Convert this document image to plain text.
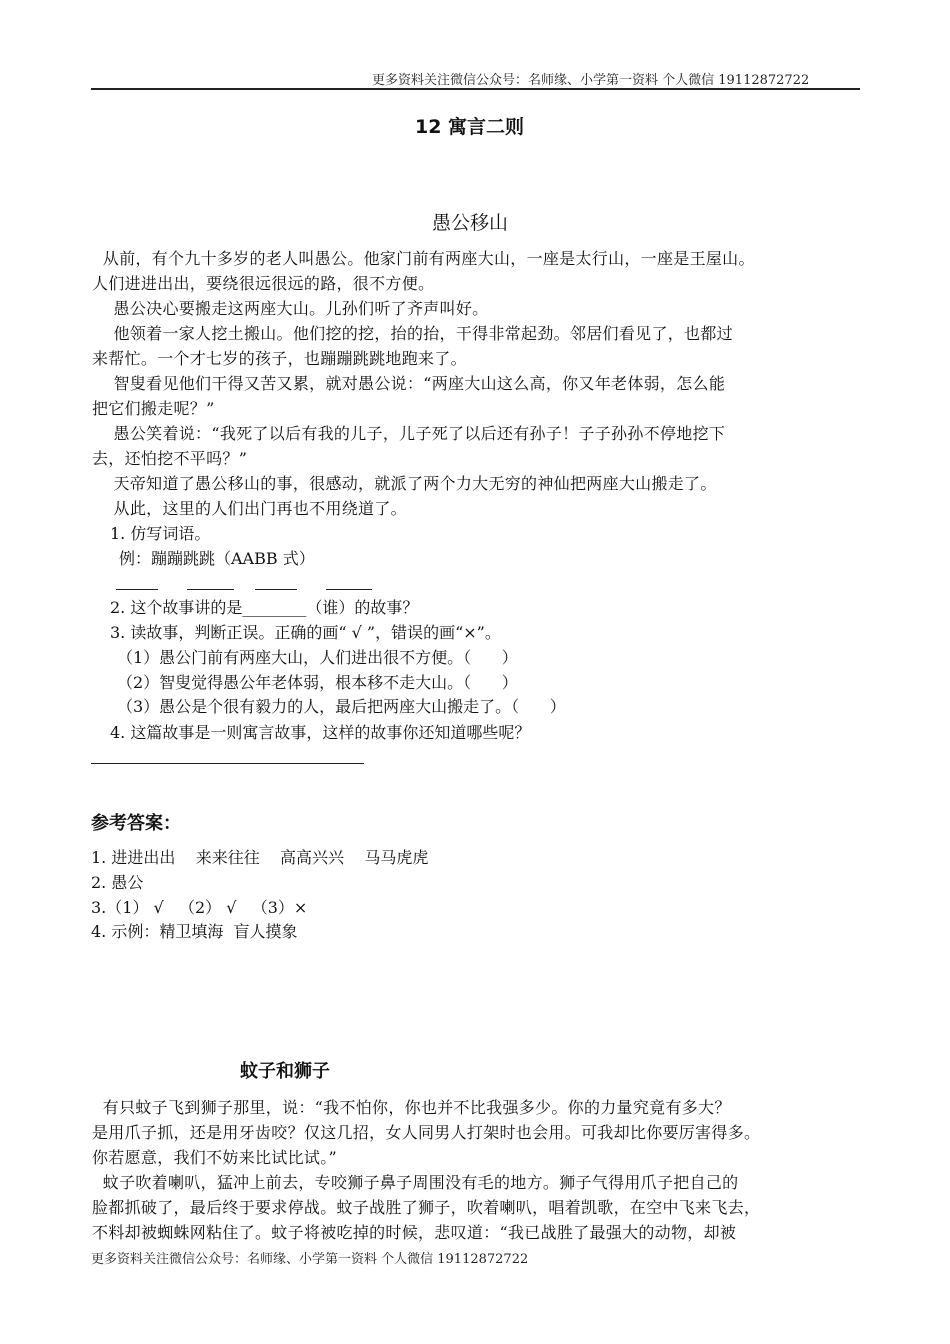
更多资料关注微信公众号：名师缘、小学第一资料 个人微信 19112872722
12 寓言二则
愚公移山
从前，有个九十多岁的老人叫愚公。他家门前有两座大山，一座是太行山，一座是王屋山。
人们进进出出，要绕很远很远的路，很不方便。
愚公决心要搬走这两座大山。儿孙们听了齐声叫好。
他领着一家人挖土搬山。他们挖的挖，抬的抬，干得非常起劲。邻居们看见了，也都过
来帮忙。一个才七岁的孩子，也蹦蹦跳跳地跑来了。
智叟看见他们干得又苦又累，就对愚公说：“两座大山这么高，你又年老体弱，怎么能
把它们搬走呢？”
愚公笑着说：“我死了以后有我的儿子，儿子死了以后还有孙子！子子孙孙不停地挖下
去，还怕挖不平吗？”
天帝知道了愚公移山的事，很感动，就派了两个力大无穷的神仙把两座大山搬走了。
从此，这里的人们出门再也不用绕道了。
1. 仿写词语。
例：蹦蹦跳跳（AABB 式）
2. 这个故事讲的是________（谁）的故事？
3. 读故事，判断正误。正确的画“ √ ”，错误的画“×”。
（1）愚公门前有两座大山，人们进出很不方便。（      ）
（2）智叟觉得愚公年老体弱，根本移不走大山。（      ）
（3）愚公是个很有毅力的人，最后把两座大山搬走了。（      ）
4. 这篇故事是一则寓言故事，这样的故事你还知道哪些呢？
参考答案：
1. 进进出出    来来往往    高高兴兴    马马虎虎
2. 愚公
3.（1） √   （2） √   （3）×
4. 示例：精卫填海  盲人摸象
蚊子和狮子
有只蚊子飞到狮子那里，说：“我不怕你，你也并不比我强多少。你的力量究竟有多大？
是用爪子抓，还是用牙齿咬？仅这几招，女人同男人打架时也会用。可我却比你要厉害得多。
你若愿意，我们不妨来比试比试。”
蚊子吹着喇叭，猛冲上前去，专咬狮子鼻子周围没有毛的地方。狮子气得用爪子把自己的
脸都抓破了，最后终于要求停战。蚊子战胜了狮子，吹着喇叭，唱着凯歌，在空中飞来飞去，
不料却被蜘蛛网粘住了。蚊子将被吃掉的时候，悲叹道：“我已战胜了最强大的动物，却被
更多资料关注微信公众号：名师缘、小学第一资料 个人微信 19112872722
